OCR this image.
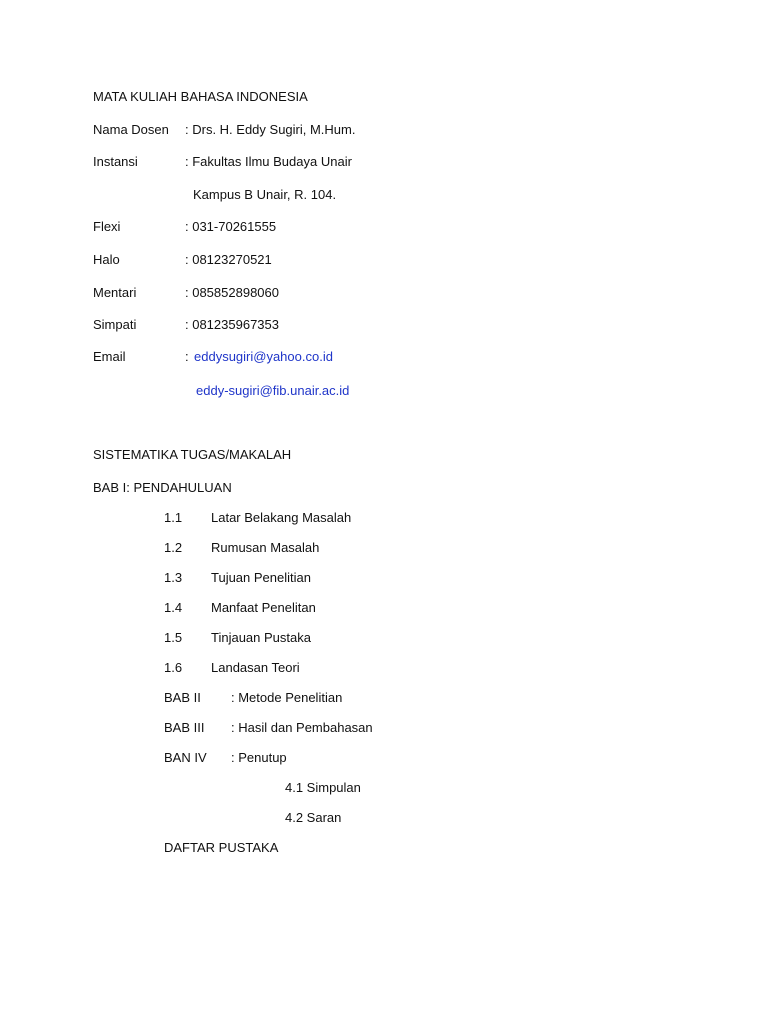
MATA KULIAH BAHASA INDONESIA
Nama Dosen : Drs. H. Eddy Sugiri, M.Hum.
Instansi	: Fakultas Ilmu Budaya Unair
Kampus B Unair, R. 104.
Flexi	: 031-70261555
Halo	: 08123270521
Mentari	: 085852898060
Simpati	: 081235967353
Email	: eddysugiri@yahoo.co.id
eddy-sugiri@fib.unair.ac.id
SISTEMATIKA TUGAS/MAKALAH
BAB I: PENDAHULUAN
1.1 Latar Belakang Masalah
1.2 Rumusan Masalah
1.3 Tujuan Penelitian
1.4 Manfaat Penelitan
1.5 Tinjauan Pustaka
1.6 Landasan Teori
BAB II : Metode Penelitian
BAB III : Hasil dan Pembahasan
BAN IV : Penutup
4.1 Simpulan
4.2 Saran
DAFTAR PUSTAKA
